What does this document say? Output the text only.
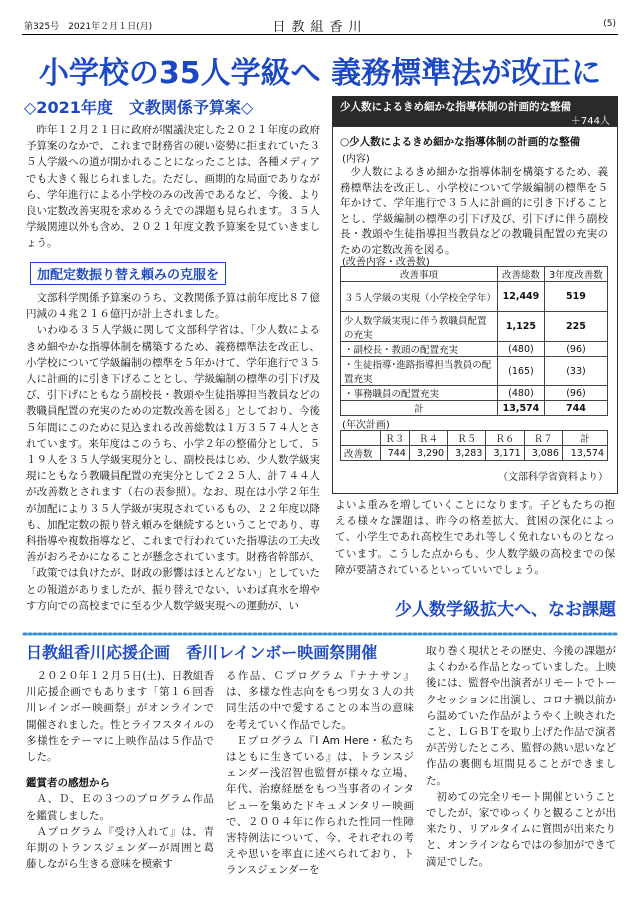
第325号　2021年２月１日(月)	日教組香川	(5)
小学校の35人学級へ 義務標準法が改正に
◇2021年度　文教関係予算案◇

昨年１２月２１日に政府が閣議決定した２０２１年度の政府予算案のなかで、これまで財務省の硬い姿勢に拒まれていた３５人学級への道が開かれることになったことは、各種メディアでも大きく報じられました。ただし、画期的な局面でありながら、学年進行による小学校のみの改善であるなど、今後、より良い定数改善実現を求めるうえでの課題も見られます。３５人学級関連以外も含め、２０２１年度文教予算案を見ていきましょう。

加配定数振り替え頼みの克服を

文部科学関係予算案のうち、文教関係予算は前年度比８７億円減の４兆２１６億円が計上されました。

いわゆる３５人学級に関して文部科学省は、「少人数によるきめ細やかな指導体制を構築するため、義務標準法を改正し、小学校について学級編制の標準を５年かけて、学年進行で３５人に計画的に引き下げることとし、学級編制の標準の引下げ及び、引下げにともなう副校長・教頭や生徒指導担当教員などの教職員配置の充実のための定数改善を図る」としており、今後５年間にこのために見込まれる改善総数は１万３５７４人とされています。来年度はこのうち、小学２年の整備分として、５１９人を３５人学級実現分とし、副校長はじめ、少人数学級実現にともなう教職員配置の充実分として２２５人、計７４４人が改善数とされます（右の表参照）。なお、現在は小学２年生が加配により３５人学級が実現されているもの、２２年度以降も、加配定数の振り替え頼みを継続するということであり、専科指導や複数指導など、これまで行われていた指導法の工夫改善がおろそかになることが懸念されています。財務省幹部が、「政策では負けたが、財政の影響はほとんどない」としていたとの報道がありましたが、振り替えでない、いわば真水を増やす方向での高校までに至る少人数学級実現への運動が、い

少人数によるきめ細かな指導体制の計画的な整備
＋744人
○少人数によるきめ細かな指導体制の計画的な整備
(内容)

少人数によるきめ細かな指導体制を構築するため、義務標準法を改正し、小学校について学級編制の標準を５年かけて、学年進行で３５人に計画的に引き下げることとし、学級編制の標準の引下げ及び、引下げに伴う副校長・教頭や生徒指導担当教員などの教職員配置の充実のための定数改善を図る。

(改善内容・改善数)
改善事項	改善総数	3年度改善数
３５人学級の実現（小学校全学年）	12,449	519
少人数学級実現に伴う教職員配置の充実	1,125	225
・副校長・教頭の配置充実	(480)	(96)
・生徒指導･進路指導担当教員の配置充実	(165)	(33)
・事務職員の配置充実	(480)	(96)
計	13,574	744
(年次計画)
	Ｒ３	Ｒ４	Ｒ５	Ｒ６	Ｒ７	計
改善数	744	3,290	3,283	3,171	3,086	13,574
（文部科学省資料より）
よいよ重みを増していくことになります。子どもたちの抱える様々な課題は、昨今の格差拡大、貧困の深化によって、小学生であれ高校生であれ等しく免れないものとなっています。こうした点からも、少人数学級の高校までの保障が要請されているといっていいでしょう。
少人数学級拡大へ、なお課題
日教組香川応援企画　香川レインボー映画祭開催

２０２０年１２月５日(土)、日教組香川応援企画でもあります「第１６回香川レインボー映画祭」がオンラインで開催されました。性とライフスタイルの多様性をテーマに上映作品は５作品でした。

鑑賞者の感想から

Ａ、Ｄ、Ｅの３つのプログラム作品を鑑賞しました。

Ａプログラム『受け入れて』は、青年期のトランスジェンダーが周囲と葛藤しながら生きる意味を模索す

る作品、Ｃプログラム『ナナサン』は、多様な性志向をもつ男女３人の共同生活の中で愛することの本当の意味を考えていく作品でした。

Ｅプログラム『I Am Here・私たちはともに生きている』は、トランスジェンダー浅沼智也監督が様々な立場、年代、治療経歴をもつ当事者のインタビューを集めたドキュメンタリー映画で、２００４年に作られた性同一性障害特例法について、今、それぞれの考えや思いを率直に述べられており、トランスジェンダーを

取り巻く現状とその歴史、今後の課題がよくわかる作品となっていました。上映後には、監督や出演者がリモートでトークセッションに出演し、コロナ禍以前から温めていた作品がようやく上映されたこと、ＬＧＢＴを取り上げた作品で演者が苦労したところ、監督の熱い思いなど作品の裏側も垣間見ることができました。

初めての完全リモート開催ということでしたが、家でゆっくりと観ることが出来たり、リアルタイムに質問が出来たりと、オンラインならではの参加ができて満足でした。
